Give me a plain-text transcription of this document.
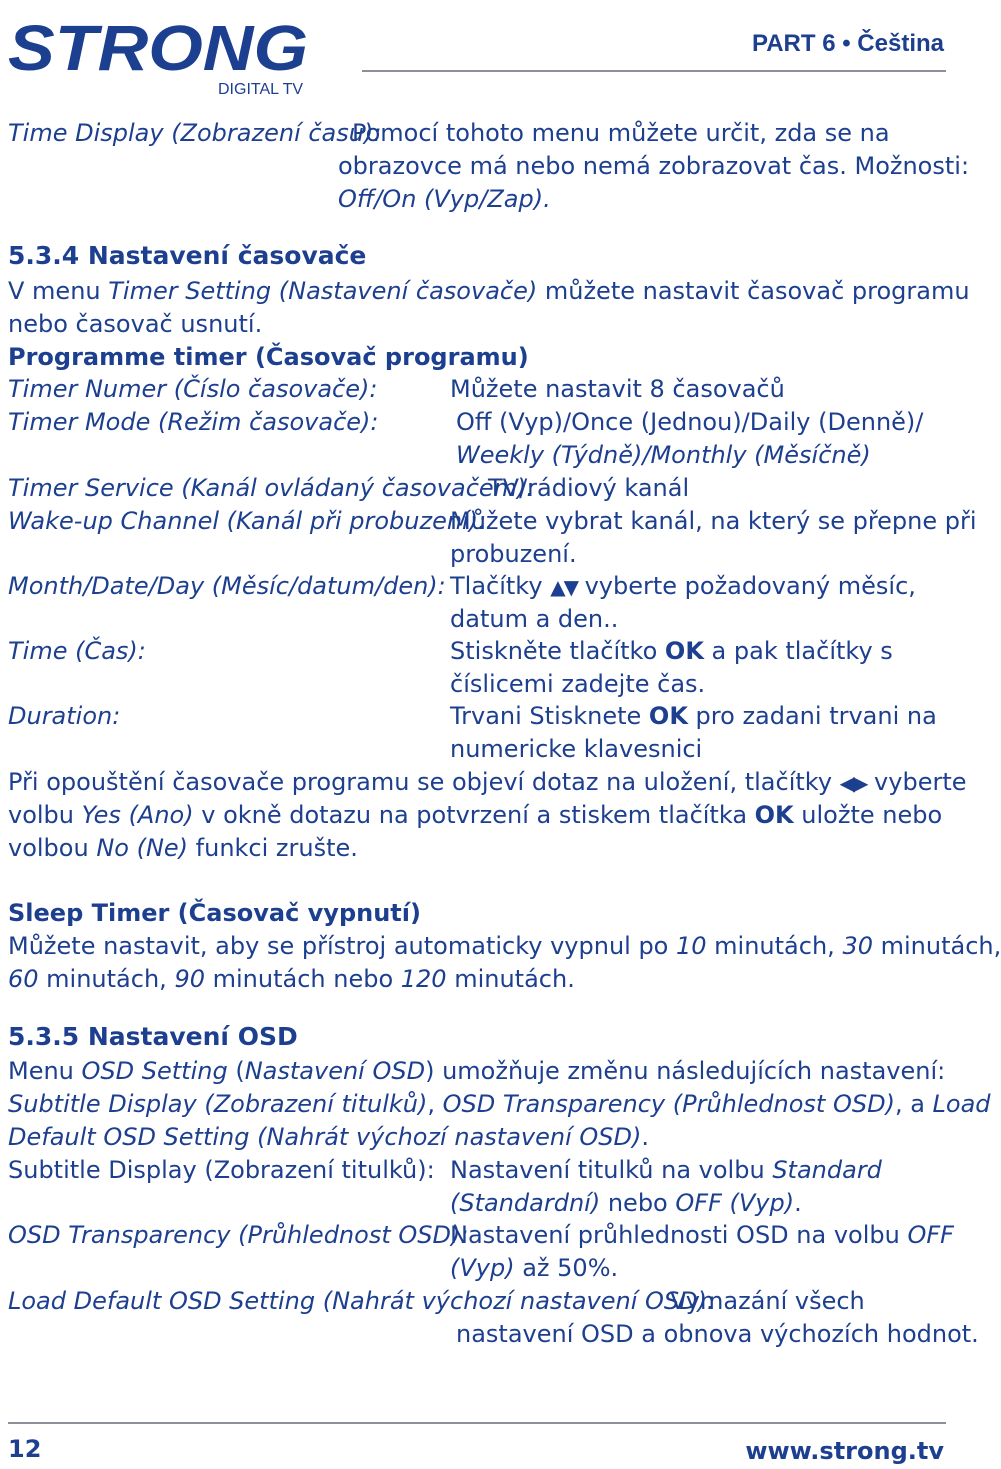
STRONG
DIGITAL TV
PART 6 • Čeština
Time Display (Zobrazení času):
Pomocí tohoto menu můžete určit, zda se na
obrazovce má nebo nemá zobrazovat čas. Možnosti:
Off/On (Vyp/Zap).
5.3.4 Nastavení časovače
V menu Timer Setting (Nastavení časovače) můžete nastavit časovač programu
nebo časovač usnutí.
Programme timer (Časovač programu)
Timer Numer (Číslo časovače):	Můžete nastavit 8 časovačů
Timer Mode (Režim časovače):	Off (Vyp)/Once (Jednou)/Daily (Denně)/
Weekly (Týdně)/Monthly (Měsíčně)
Timer Service (Kanál ovládaný časovačem):
TV/rádiový kanál
Wake-up Channel (Kanál při probuzení):
Můžete vybrat kanál, na který se přepne při
probuzení.
Month/Date/Day (Měsíc/datum/den): Tlačítky ▲▼ vyberte požadovaný měsíc,
datum a den..
Time (Čas):	Stiskněte tlačítko OK a pak tlačítky s
číslicemi zadejte čas.
Duration:	Trvani Stisknete OK pro zadani trvani na
numericke klavesnici
Při opouštění časovače programu se objeví dotaz na uložení, tlačítky ◀▶ vyberte
volbu Yes (Ano) v okně dotazu na potvrzení a stiskem tlačítka OK uložte nebo
volbou No (Ne) funkci zrušte.
Sleep Timer (Časovač vypnutí)
Můžete nastavit, aby se přístroj automaticky vypnul po 10 minutách, 30 minutách,
60 minutách, 90 minutách nebo 120 minutách.
5.3.5 Nastavení OSD
Menu OSD Setting (Nastavení OSD) umožňuje změnu následujících nastavení:
Subtitle Display (Zobrazení titulků), OSD Transparency (Průhlednost OSD), a Load
Default OSD Setting (Nahrát výchozí nastavení OSD).
Subtitle Display (Zobrazení titulků): Nastavení titulků na volbu Standard
(Standardní) nebo OFF (Vyp).
OSD Transparency (Průhlednost OSD):
Nastavení průhlednosti OSD na volbu OFF
(Vyp) až 50%.
Load Default OSD Setting (Nahrát výchozí nastavení OSD):
Vymazání všech
nastavení OSD a obnova výchozích hodnot.
12	www.strong.tv
